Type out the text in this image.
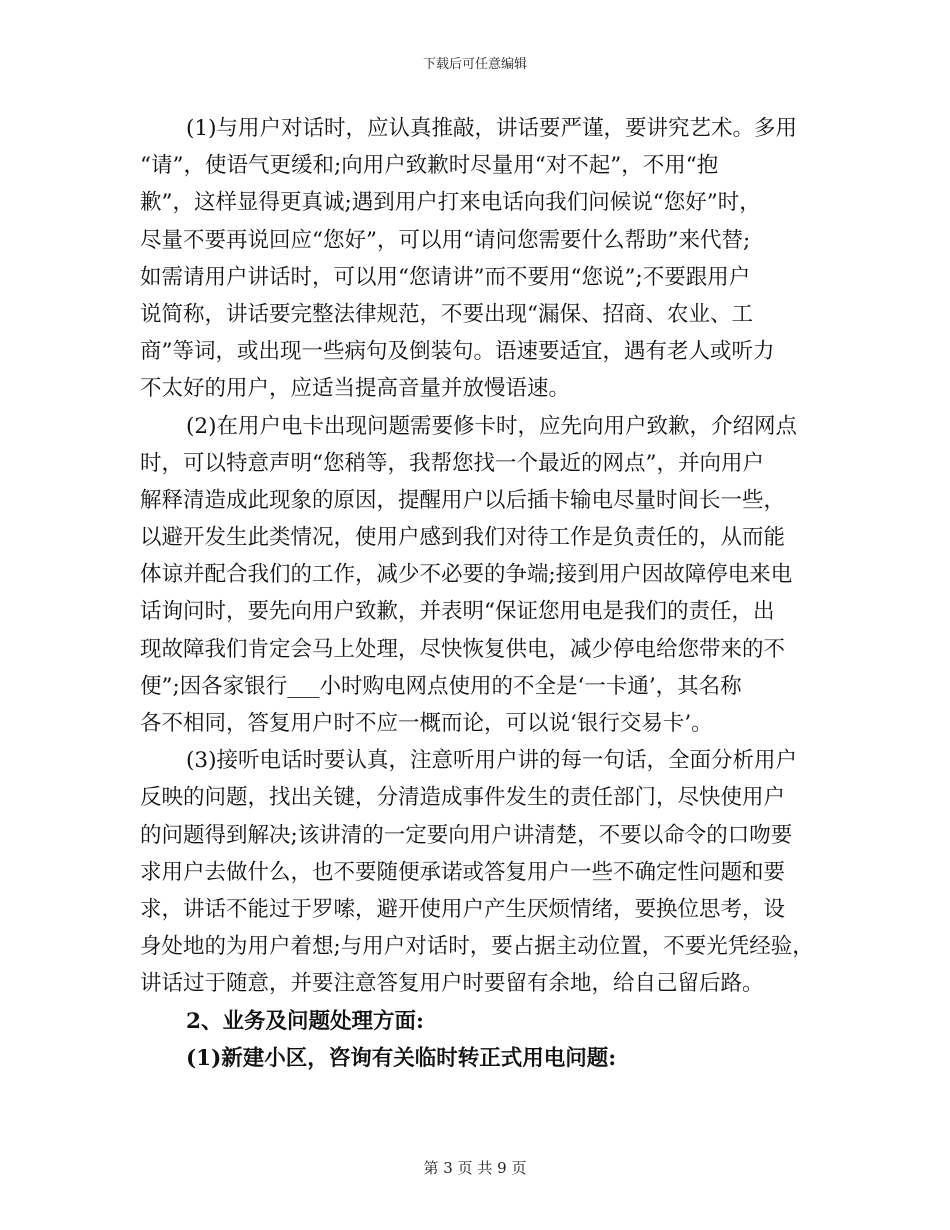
下载后可任意编辑
(1)与用户对话时，应认真推敲，讲话要严谨，要讲究艺术。多用
“请”，使语气更缓和;向用户致歉时尽量用“对不起”，不用“抱
歉”，这样显得更真诚;遇到用户打来电话向我们问候说“您好”时，
尽量不要再说回应“您好”，可以用“请问您需要什么帮助”来代替;
如需请用户讲话时，可以用“您请讲”而不要用“您说”;不要跟用户
说简称，讲话要完整法律规范，不要出现“漏保、招商、农业、工
商”等词，或出现一些病句及倒装句。语速要适宜，遇有老人或听力
不太好的用户，应适当提高音量并放慢语速。
(2)在用户电卡出现问题需要修卡时，应先向用户致歉，介绍网点
时，可以特意声明“您稍等，我帮您找一个最近的网点”，并向用户
解释清造成此现象的原因，提醒用户以后插卡输电尽量时间长一些，
以避开发生此类情况，使用户感到我们对待工作是负责任的，从而能
体谅并配合我们的工作，减少不必要的争端;接到用户因故障停电来电
话询问时，要先向用户致歉，并表明“保证您用电是我们的责任，出
现故障我们肯定会马上处理，尽快恢复供电，减少停电给您带来的不
便”;因各家银行___小时购电网点使用的不全是‘一卡通’，其名称
各不相同，答复用户时不应一概而论，可以说‘银行交易卡’。
(3)接听电话时要认真，注意听用户讲的每一句话，全面分析用户
反映的问题，找出关键，分清造成事件发生的责任部门，尽快使用户
的问题得到解决;该讲清的一定要向用户讲清楚，不要以命令的口吻要
求用户去做什么，也不要随便承诺或答复用户一些不确定性问题和要
求，讲话不能过于罗嗦，避开使用户产生厌烦情绪，要换位思考，设
身处地的为用户着想;与用户对话时，要占据主动位置，不要光凭经验，
讲话过于随意，并要注意答复用户时要留有余地，给自己留后路。
2、业务及问题处理方面:
(1)新建小区，咨询有关临时转正式用电问题:
第 3 页 共 9 页
